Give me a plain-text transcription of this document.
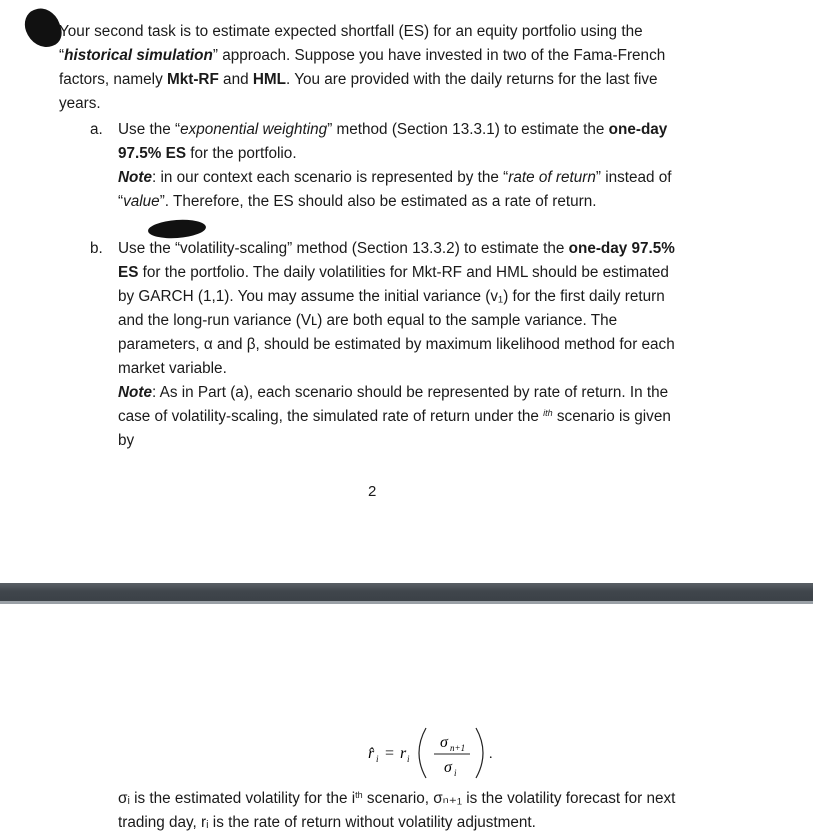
Your second task is to estimate expected shortfall (ES) for an equity portfolio using the
“historical simulation” approach. Suppose you have invested in two of the Fama-French
factors, namely Mkt-RF and HML. You are provided with the daily returns for the last five
years.
a. Use the “exponential weighting” method (Section 13.3.1) to estimate the one-day
97.5% ES for the portfolio.
Note: in our context each scenario is represented by the “rate of return” instead of
“value”. Therefore, the ES should also be estimated as a rate of return.
b. Use the “volatility-scaling” method (Section 13.3.2) to estimate the one-day 97.5%
ES for the portfolio. The daily volatilities for Mkt-RF and HML should be estimated
by GARCH (1,1). You may assume the initial variance (v₁) for the first daily return
and the long-run variance (Vʟ) are both equal to the sample variance. The
parameters, α and β, should be estimated by maximum likelihood method for each
market variable.
Note: As in Part (a), each scenario should be represented by rate of return. In the
case of volatility-scaling, the simulated rate of return under the $^{ith}$ scenario is given
by
2
r̂ i = r i
σ n+1
σ i
.
σᵢ is the estimated volatility for the $i^{th}$ scenario, σₙ₊₁ is the volatility forecast for next
trading day, rᵢ is the rate of return without volatility adjustment.
